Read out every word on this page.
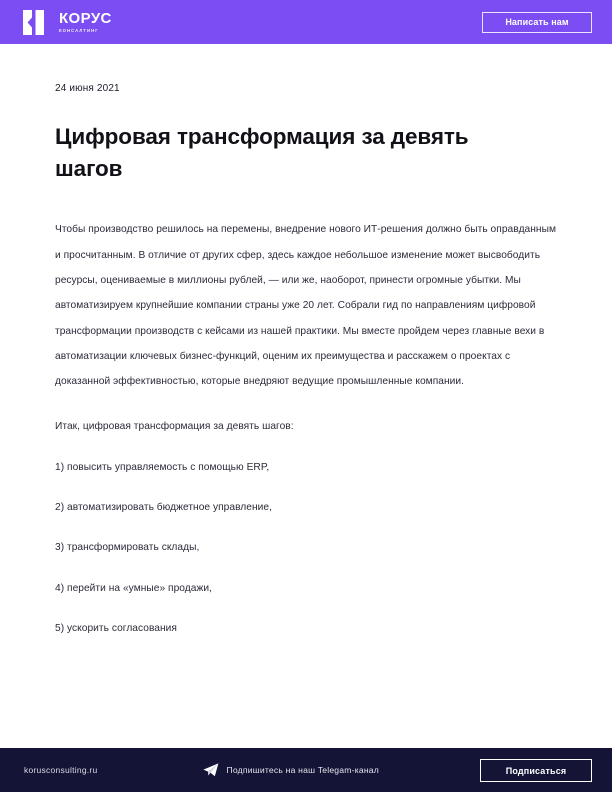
КОРУС
КОНСАЛТИНГ
Написать нам
24 июня 2021
Цифровая трансформация за девять шагов

Чтобы производство решилось на перемены, внедрение нового ИТ-решения должно быть оправданным и просчитанным. В отличие от других сфер, здесь каждое небольшое изменение может высвободить ресурсы, оцениваемые в миллионы рублей, — или же, наоборот, принести огромные убытки. Мы автоматизируем крупнейшие компании страны уже 20 лет. Собрали гид по направлениям цифровой трансформации производств с кейсами из нашей практики. Мы вместе пройдем через главные вехи в автоматизации ключевых бизнес-функций, оценим их преимущества и расскажем о проектах с доказанной эффективностью, которые внедряют ведущие промышленные компании.

Итак, цифровая трансформация за девять шагов:

1) повысить управляемость с помощью ERP,

2) автоматизировать бюджетное управление,

3) трансформировать склады,

4) перейти на «умные» продажи,

5) ускорить согласования

korusconsulting.ru	Подпишитесь на наш Telegam-канал	Подписаться
